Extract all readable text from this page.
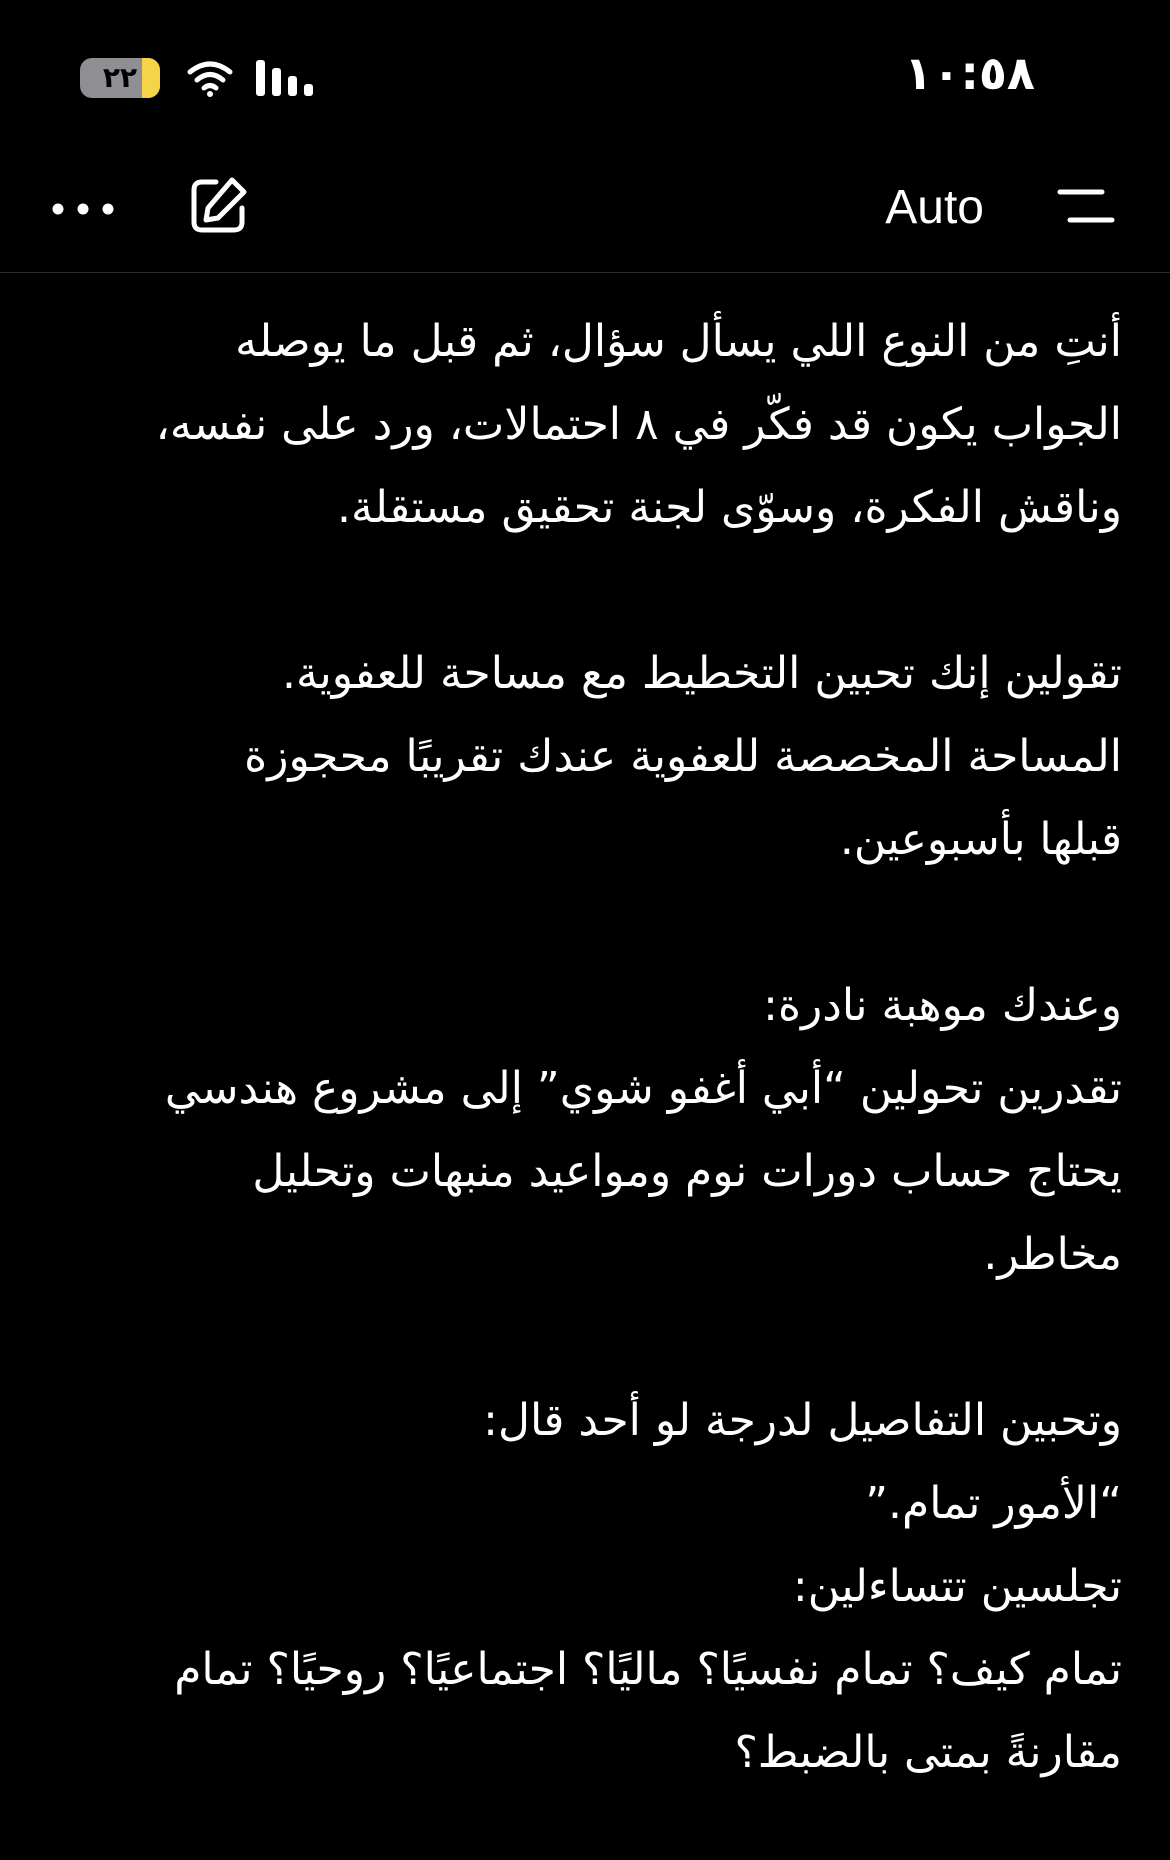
١٠:٥٨
٢٢
Auto
أنتِ من النوع اللي يسأل سؤال، ثم قبل ما يوصله
الجواب يكون قد فكّر في ٨ احتمالات، ورد على نفسه،
وناقش الفكرة، وسوّى لجنة تحقيق مستقلة.
تقولين إنك تحبين التخطيط مع مساحة للعفوية.
المساحة المخصصة للعفوية عندك تقريبًا محجوزة
قبلها بأسبوعين.
وعندك موهبة نادرة:
تقدرين تحولين “أبي أغفو شوي” إلى مشروع هندسي
يحتاج حساب دورات نوم ومواعيد منبهات وتحليل
مخاطر.
وتحبين التفاصيل لدرجة لو أحد قال:
“الأمور تمام.”
تجلسين تتساءلين:
تمام كيف؟ تمام نفسيًا؟ ماليًا؟ اجتماعيًا؟ روحيًا؟ تمام
مقارنةً بمتى بالضبط؟
